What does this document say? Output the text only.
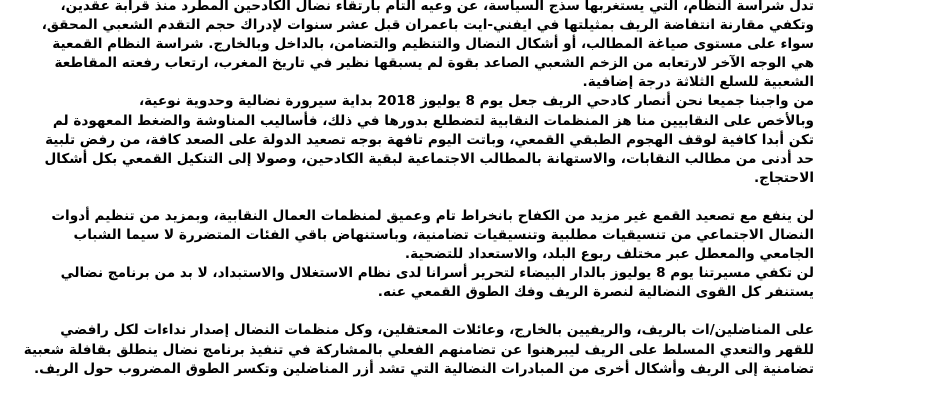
تدل شراسة النظام، التي يستغربها سذج السياسة، عن وعيه التام بارتقاء نضال الكادحين المطرد منذ قرابة عقدين،
وتكفي مقارنة انتفاضة الريف بمثيلتها في ايفني-ايت باعمران قبل عشر سنوات لإدراك حجم التقدم الشعبي المحقق،
سواء على مستوى صياغة المطالب، أو أشكال النضال والتنظيم والتضامن، بالداخل وبالخارج. شراسة النظام القمعية
هي الوجه الآخر لارتعابه من الزخم الشعبي الصاعد بقوة لم يسبقها نظير في تاريخ المغرب، ارتعاب رفعته المقاطعة
الشعبية للسلع الثلاثة درجة إضافية.

من واجبنا جميعا نحن أنصار كادحي الريف جعل يوم 8 يوليوز 2018 بداية سيرورة نضالية وحدوية نوعية،
وبالأخص على النقابيين منا هز المنظمات النقابية لتضطلع بدورها في ذلك، فأساليب المناوشة والضغط المعهودة لم
تكن أبدا كافية لوقف الهجوم الطبقي القمعي، وباتت اليوم تافهة بوجه تصعيد الدولة على الصعد كافة، من رفض تلبية
حد أدنى من مطالب النقابات، والاستهانة بالمطالب الاجتماعية لبقية الكادحين، وصولا إلى التنكيل القمعي بكل أشكال
الاحتجاج.

لن ينفع مع تصعيد القمع غير مزيد من الكفاح بانخراط تام وعميق لمنظمات العمال النقابية، وبمزيد من تنظيم أدوات
النضال الاجتماعي من تنسيقيات مطلبية وتنسيقيات تضامنية، وباستنهاض باقي الفئات المتضررة لا سيما الشباب
الجامعي والمعطل عبر مختلف ربوع البلد، والاستعداد للتضحية.

لن تكفي مسيرتنا يوم 8 يوليوز بالدار البيضاء لتحرير أسرانا لدى نظام الاستغلال والاستبداد، لا بد من برنامج نضالي
يستنفر كل القوى النضالية لنصرة الريف وفك الطوق القمعي عنه.

على المناضلين/ات بالريف، والريفيين بالخارج، وعائلات المعتقلين، وكل منظمات النضال إصدار نداءات لكل رافضي
للقهر والتعدي المسلط على الريف ليبرهنوا عن تضامنهم الفعلي بالمشاركة في تنفيذ برنامج نضال ينطلق بقافلة شعبية
تضامنية إلى الريف وأشكال أخرى من المبادرات النضالية التي تشد أزر المناضلين وتكسر الطوق المضروب حول الريف.
